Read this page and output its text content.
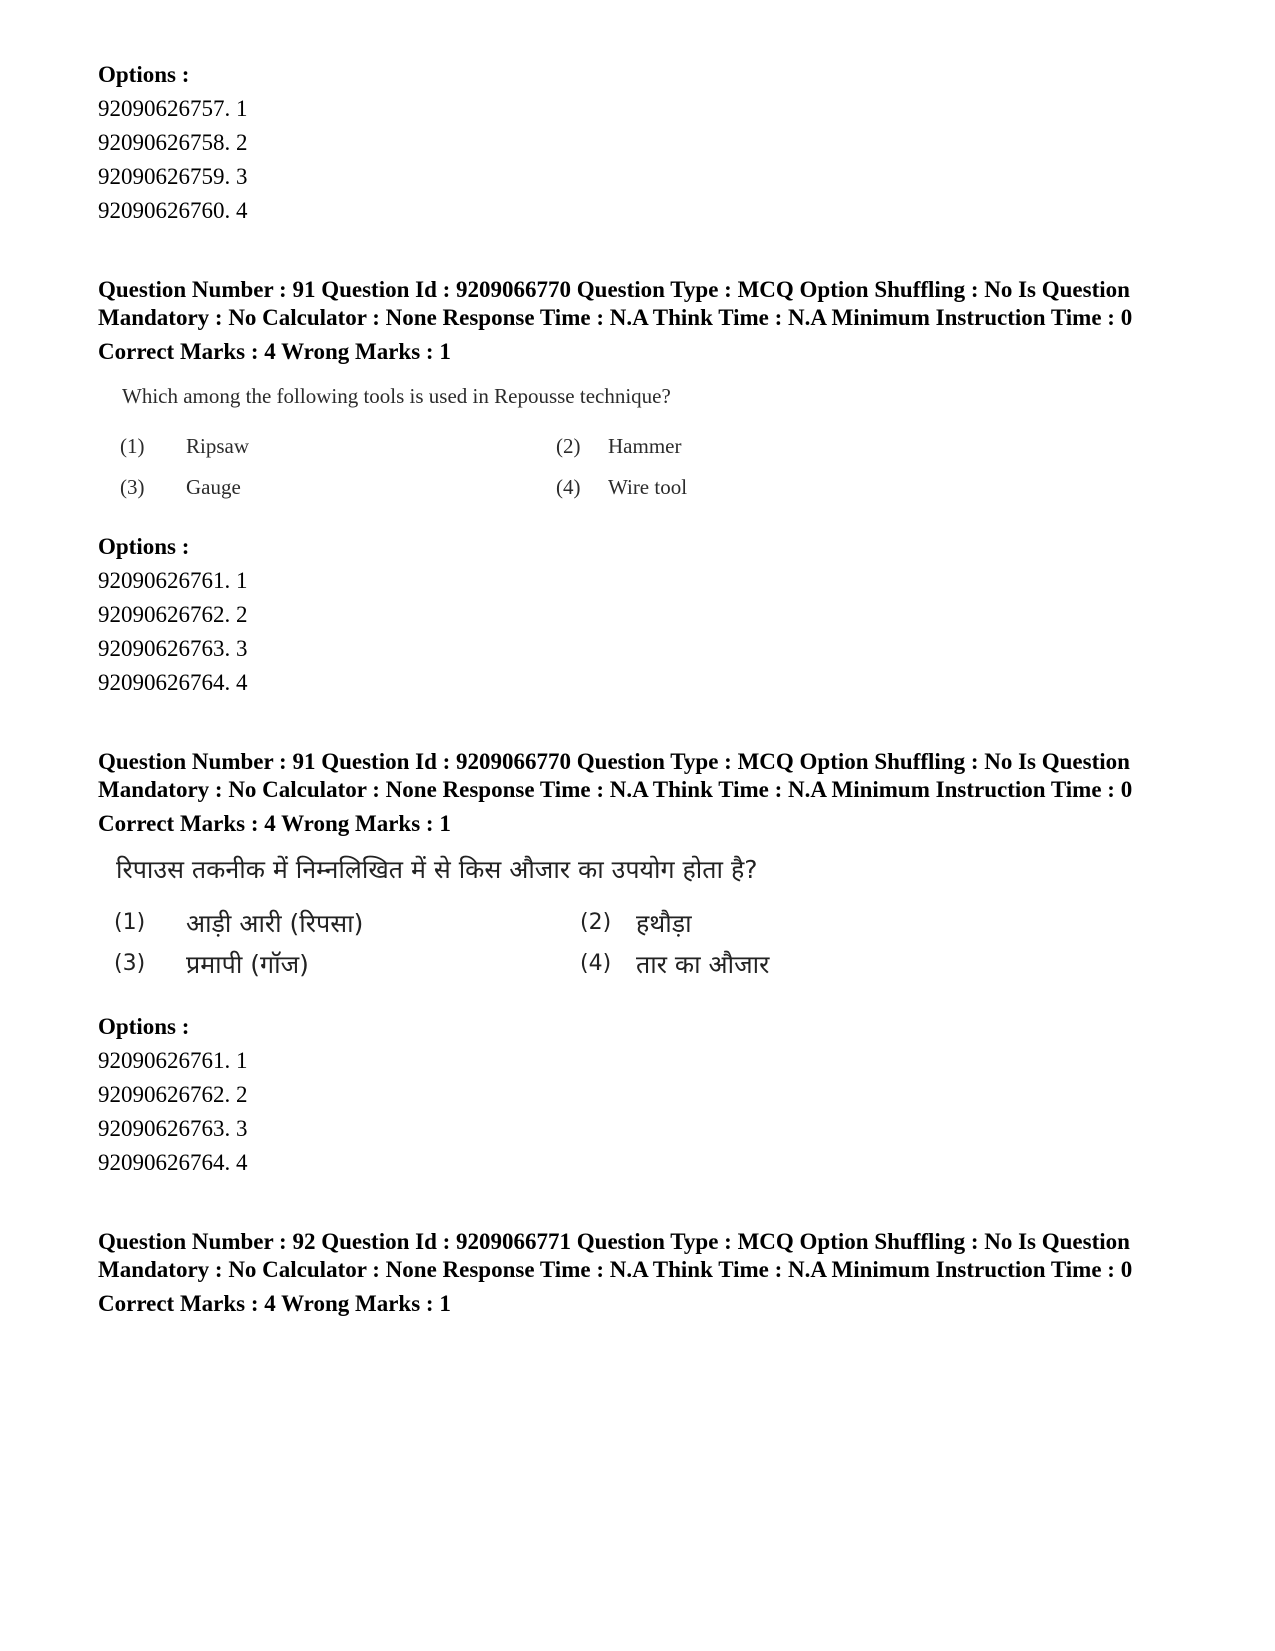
Options :
92090626757. 1
92090626758. 2
92090626759. 3
92090626760. 4
Question Number : 91 Question Id : 9209066770 Question Type : MCQ Option Shuffling : No Is Question Mandatory : No Calculator : None Response Time : N.A Think Time : N.A Minimum Instruction Time : 0
Correct Marks : 4 Wrong Marks : 1
Which among the following tools is used in Repousse technique?
(1) Ripsaw	(2) Hammer
(3) Gauge	(4) Wire tool
Options :
92090626761. 1
92090626762. 2
92090626763. 3
92090626764. 4
Question Number : 91 Question Id : 9209066770 Question Type : MCQ Option Shuffling : No Is Question Mandatory : No Calculator : None Response Time : N.A Think Time : N.A Minimum Instruction Time : 0
Correct Marks : 4 Wrong Marks : 1
रिपाउस तकनीक में निम्नलिखित में से किस औजार का उपयोग होता है?
(1) आड़ी आरी (रिपसा)	(2) हथौड़ा
(3) प्रमापी (गॉज)	(4) तार का औजार
Options :
92090626761. 1
92090626762. 2
92090626763. 3
92090626764. 4
Question Number : 92 Question Id : 9209066771 Question Type : MCQ Option Shuffling : No Is Question Mandatory : No Calculator : None Response Time : N.A Think Time : N.A Minimum Instruction Time : 0
Correct Marks : 4 Wrong Marks : 1
